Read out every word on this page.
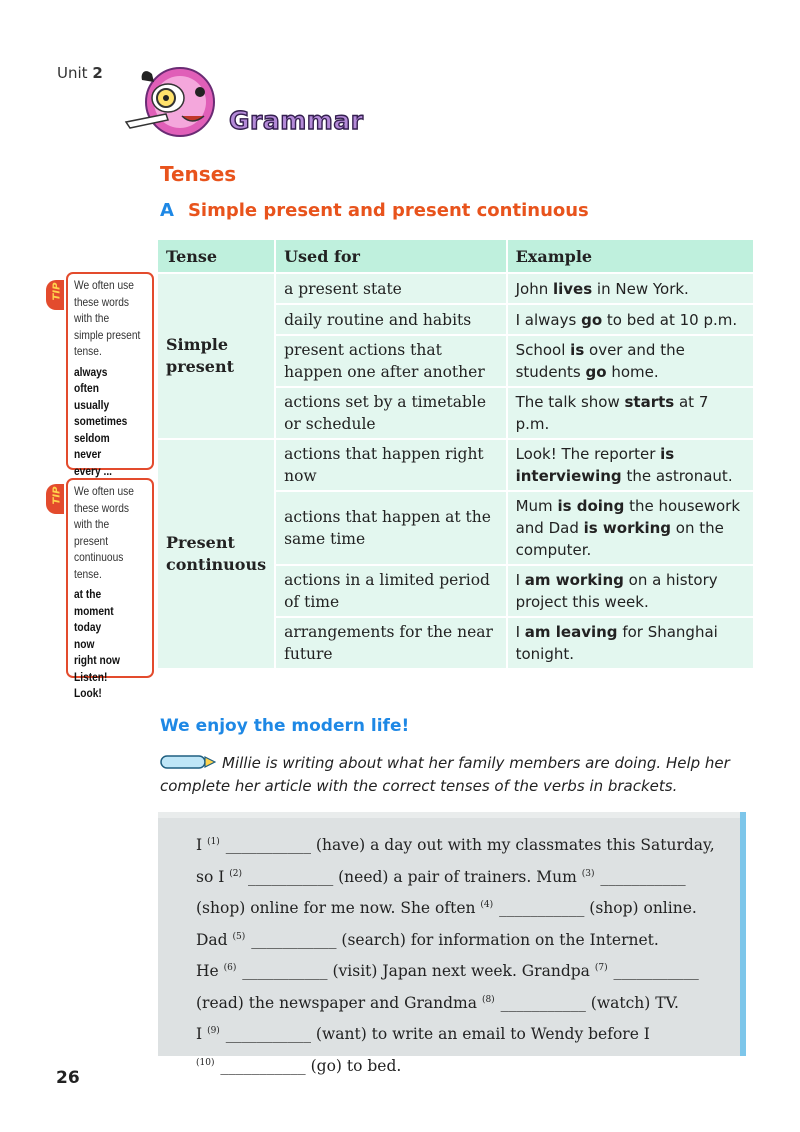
Unit 2
Grammar
Tenses
A Simple present and present continuous
Tense	Used for	Example
Simple present	a present state	John lives in New York.
	daily routine and habits	I always go to bed at 10 p.m.
	present actions that happen one after another	School is over and the students go home.
	actions set by a timetable or schedule	The talk show starts at 7 p.m.
Present continuous	actions that happen right now	Look! The reporter is interviewing the astronaut.
	actions that happen at the same time	Mum is doing the housework and Dad is working on the computer.
	actions in a limited period of time	I am working on a history project this week.
	arrangements for the near future	I am leaving for Shanghai tonight.
TIP We often use these words with the simple present tense.
always
often
usually
sometimes
seldom
never
every ...
TIP We often use these words with the present continuous tense.
at the moment
today
now
right now
Listen!
Look!
We enjoy the modern life!
Millie is writing about what her family members are doing. Help her complete her article with the correct tenses of the verbs in brackets.
I $^{(1)}$ ___________ (have) a day out with my classmates this Saturday,
so I $^{(2)}$ ___________ (need) a pair of trainers. Mum $^{(3)}$ ___________
(shop) online for me now. She often $^{(4)}$ ___________ (shop) online.
Dad $^{(5)}$ ___________ (search) for information on the Internet.
He $^{(6)}$ ___________ (visit) Japan next week. Grandpa $^{(7)}$ ___________
(read) the newspaper and Grandma $^{(8)}$ ___________ (watch) TV.
I $^{(9)}$ ___________ (want) to write an email to Wendy before I
$^{(10)}$ ___________ (go) to bed.
26
